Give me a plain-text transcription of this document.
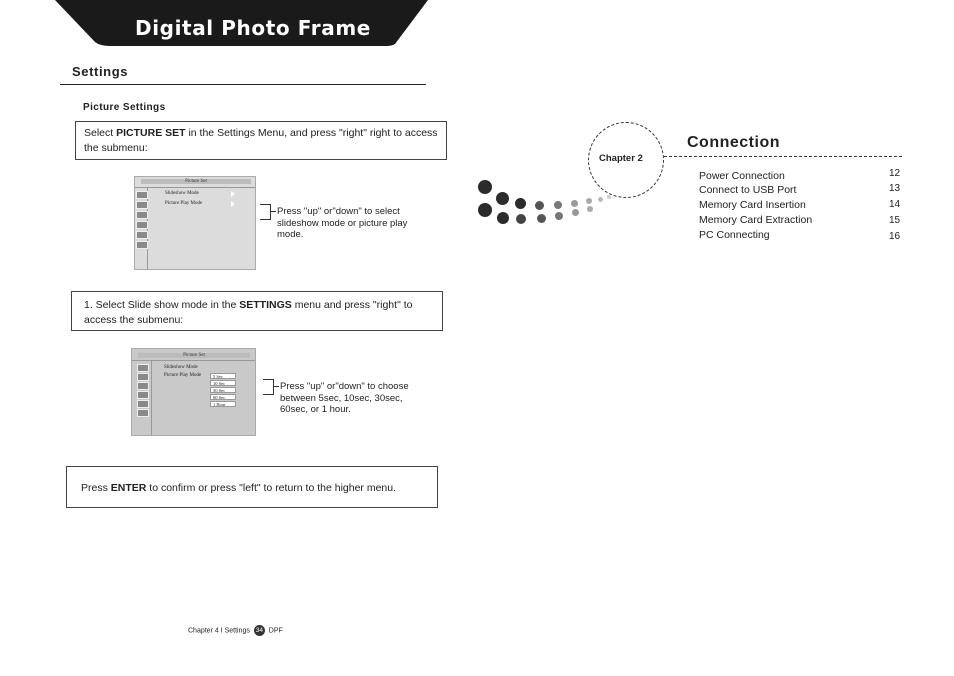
Digital Photo Frame
Settings
Picture Settings
Select PICTURE SET in the Settings Menu, and press "right" right to access the submenu:
Picture Set
Slideshow Mode
Picture Play Mode
Press "up" or"down" to select slideshow mode or picture play mode.
1. Select Slide show mode in the SETTINGS menu and press "right" to access the submenu:
Picture Set
Slideshow Mode
Picture Play Mode	5 Sec
10 Sec
30 Sec
60 Sec
1 Hour
Press "up" or"down" to choose between 5sec, 10sec, 30sec, 60sec, or 1 hour.
Press ENTER to confirm or press "left" to return to the higher menu.
Chapter 4 I Settings 34 DPF
Chapter 2
Connection
Power Connection	12
Connect to USB Port	13
Memory Card Insertion	14
Memory Card Extraction	15
PC Connecting	16
